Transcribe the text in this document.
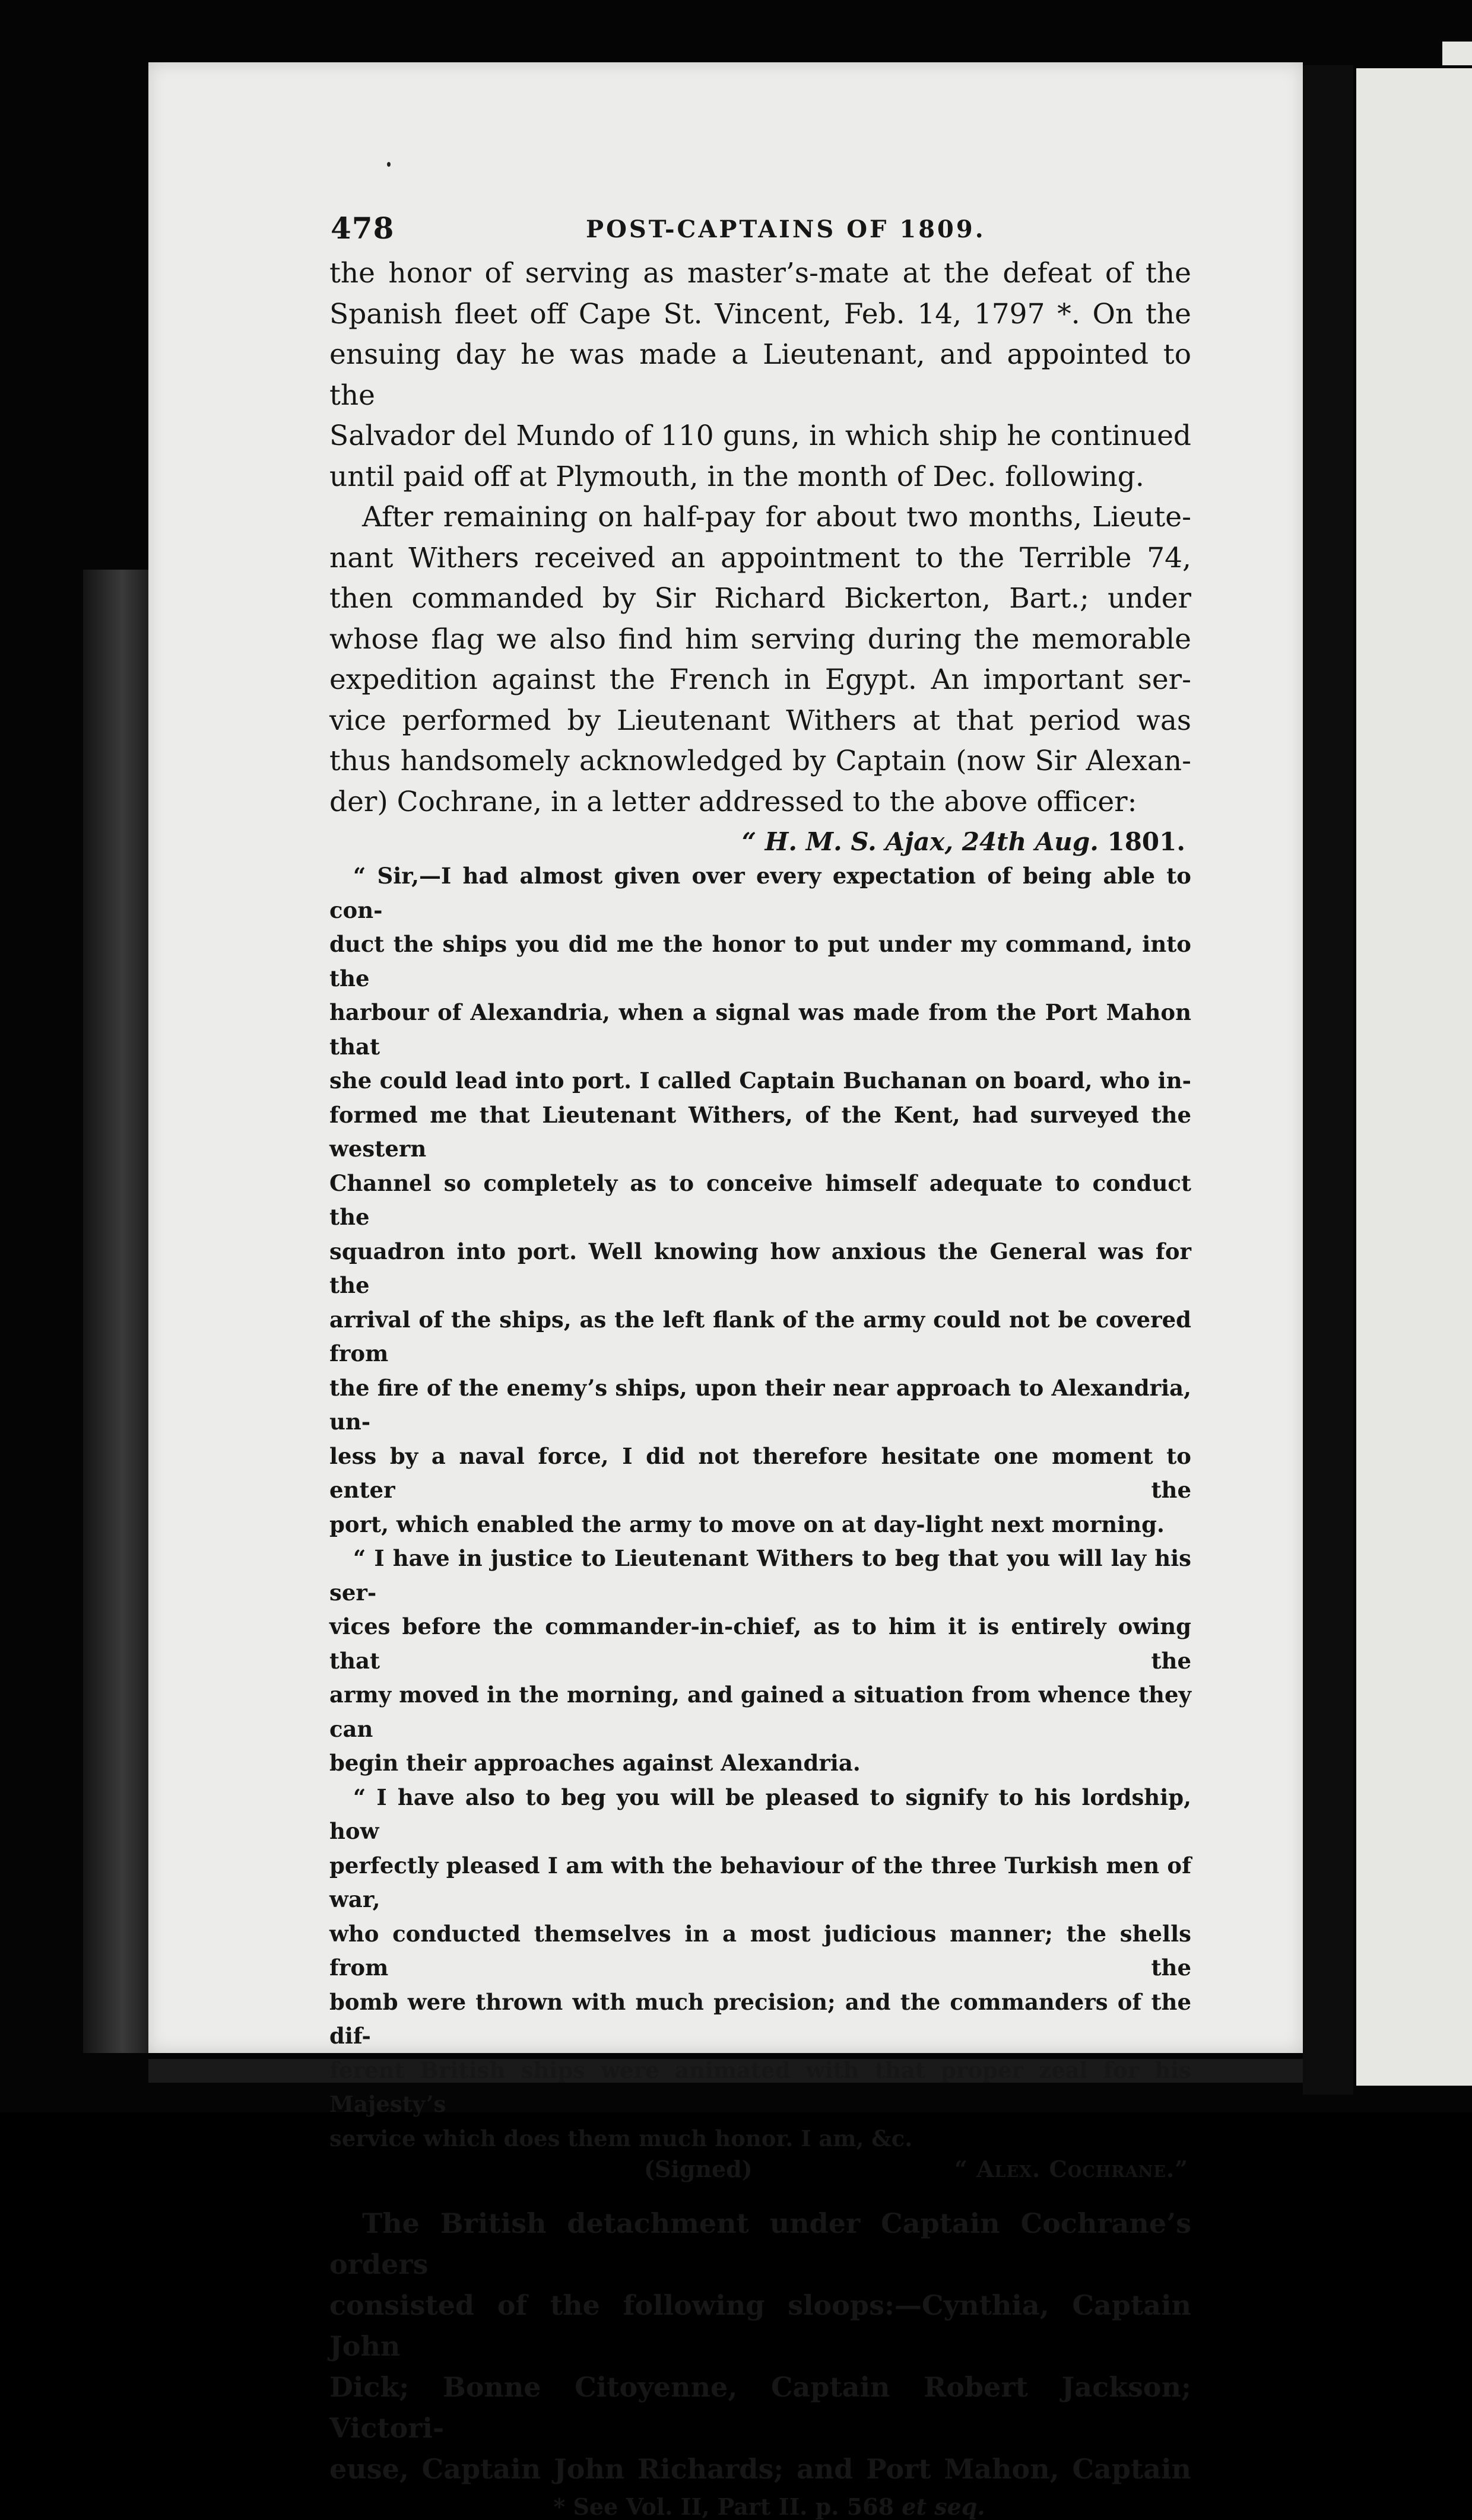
478	POST-CAPTAINS OF 1809.

the honor of serving as master’s-mate at the defeat of the
Spanish fleet off Cape St. Vincent, Feb. 14, 1797 *. On the
ensuing day he was made a Lieutenant, and appointed to the
Salvador del Mundo of 110 guns, in which ship he continued
until paid off at Plymouth, in the month of Dec. following.

After remaining on half-pay for about two months, Lieute-
nant Withers received an appointment to the Terrible 74,
then commanded by Sir Richard Bickerton, Bart.; under
whose flag we also find him serving during the memorable
expedition against the French in Egypt. An important ser-
vice performed by Lieutenant Withers at that period was
thus handsomely acknowledged by Captain (now Sir Alexan-
der) Cochrane, in a letter addressed to the above officer:

“ H. M. S. Ajax, 24th Aug. 1801.

“ Sir,—I had almost given over every expectation of being able to con-
duct the ships you did me the honor to put under my command, into the
harbour of Alexandria, when a signal was made from the Port Mahon that
she could lead into port. I called Captain Buchanan on board, who in-
formed me that Lieutenant Withers, of the Kent, had surveyed the western
Channel so completely as to conceive himself adequate to conduct the
squadron into port. Well knowing how anxious the General was for the
arrival of the ships, as the left flank of the army could not be covered from
the fire of the enemy’s ships, upon their near approach to Alexandria, un-
less by a naval force, I did not therefore hesitate one moment to enter the
port, which enabled the army to move on at day-light next morning.

“ I have in justice to Lieutenant Withers to beg that you will lay his ser-
vices before the commander-in-chief, as to him it is entirely owing that the
army moved in the morning, and gained a situation from whence they can
begin their approaches against Alexandria.

“ I have also to beg you will be pleased to signify to his lordship, how
perfectly pleased I am with the behaviour of the three Turkish men of war,
who conducted themselves in a most judicious manner; the shells from the
bomb were thrown with much precision; and the commanders of the dif-
ferent British ships were animated with that proper zeal for his Majesty’s
service which does them much honor. I am, &c.

(Signed)	“ Alex. Cochrane.”

The British detachment under Captain Cochrane’s orders
consisted of the following sloops:—Cynthia, Captain John
Dick; Bonne Citoyenne, Captain Robert Jackson; Victori-
euse, Captain John Richards; and Port Mahon, Captain

* See Vol. II, Part II. p. 568 et seq.
